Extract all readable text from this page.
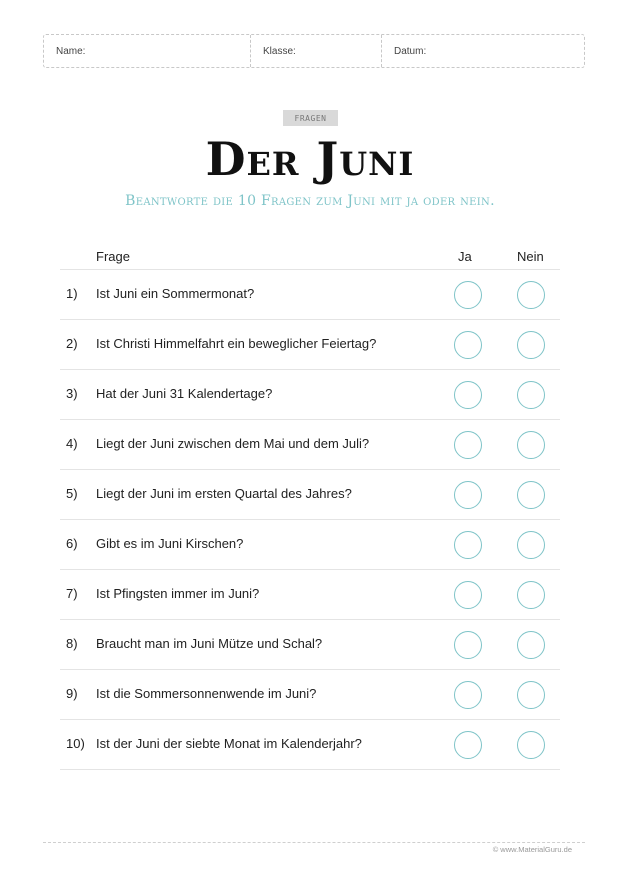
Name:	Klasse:	Datum:
FRAGEN
Der Juni
Beantworte die 10 Fragen zum Juni mit ja oder nein.
Frage	Ja	Nein
1) Ist Juni ein Sommermonat?
2) Ist Christi Himmelfahrt ein beweglicher Feiertag?
3) Hat der Juni 31 Kalendertage?
4) Liegt der Juni zwischen dem Mai und dem Juli?
5) Liegt der Juni im ersten Quartal des Jahres?
6) Gibt es im Juni Kirschen?
7) Ist Pfingsten immer im Juni?
8) Braucht man im Juni Mütze und Schal?
9) Ist die Sommersonnenwende im Juni?
10) Ist der Juni der siebte Monat im Kalenderjahr?
© www.MaterialGuru.de
